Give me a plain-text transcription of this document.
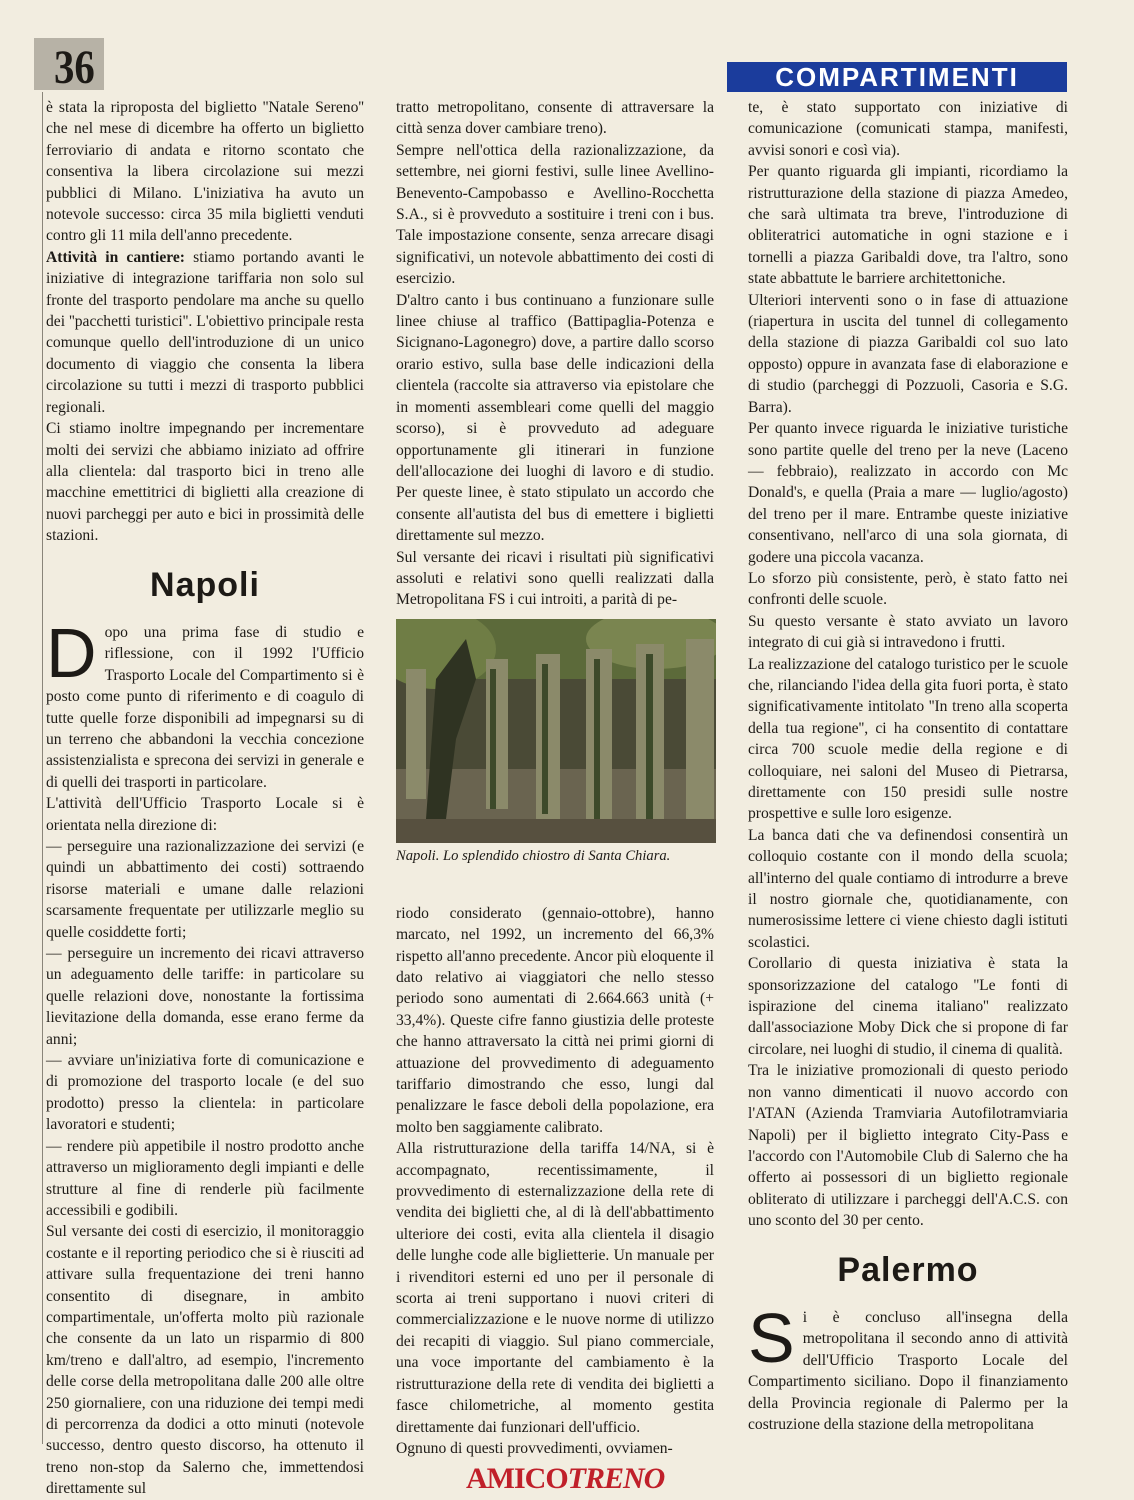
36	COMPARTIMENTI

è stata la riproposta del biglietto ''Natale Sereno'' che nel mese di dicembre ha offerto un biglietto ferroviario di andata e ritorno scontato che consentiva la libera circolazione sui mezzi pubblici di Milano. L'iniziativa ha avuto un notevole successo: circa 35 mila biglietti venduti contro gli 11 mila dell'anno precedente.

Attività in cantiere: stiamo portando avanti le iniziative di integrazione tariffaria non solo sul fronte del trasporto pendolare ma anche su quello dei ''pacchetti turistici''. L'obiettivo principale resta comunque quello dell'introduzione di un unico documento di viaggio che consenta la libera circolazione su tutti i mezzi di trasporto pubblici regionali.

Ci stiamo inoltre impegnando per incrementare molti dei servizi che abbiamo iniziato ad offrire alla clientela: dal trasporto bici in treno alle macchine emettitrici di biglietti alla creazione di nuovi parcheggi per auto e bici in prossimità delle stazioni.

Napoli

Dopo una prima fase di studio e riflessione, con il 1992 l'Ufficio Trasporto Locale del Compartimento si è posto come punto di riferimento e di coagulo di tutte quelle forze disponibili ad impegnarsi su di un terreno che abbandoni la vecchia concezione assistenzialista e sprecona dei servizi in generale e di quelli dei trasporti in particolare.

L'attività dell'Ufficio Trasporto Locale si è orientata nella direzione di:

— perseguire una razionalizzazione dei servizi (e quindi un abbattimento dei costi) sottraendo risorse materiali e umane dalle relazioni scarsamente frequentate per utilizzarle meglio su quelle cosiddette forti;

— perseguire un incremento dei ricavi attraverso un adeguamento delle tariffe: in particolare su quelle relazioni dove, nonostante la fortissima lievitazione della domanda, esse erano ferme da anni;

— avviare un'iniziativa forte di comunicazione e di promozione del trasporto locale (e del suo prodotto) presso la clientela: in particolare lavoratori e studenti;

— rendere più appetibile il nostro prodotto anche attraverso un miglioramento degli impianti e delle strutture al fine di renderle più facilmente accessibili e godibili.

Sul versante dei costi di esercizio, il monitoraggio costante e il reporting periodico che si è riusciti ad attivare sulla frequentazione dei treni hanno consentito di disegnare, in ambito compartimentale, un'offerta molto più razionale che consente da un lato un risparmio di 800 km/treno e dall'altro, ad esempio, l'incremento delle corse della metropolitana dalle 200 alle oltre 250 giornaliere, con una riduzione dei tempi medi di percorrenza da dodici a otto minuti (notevole successo, dentro questo discorso, ha ottenuto il treno non-stop da Salerno che, immettendosi direttamente sul

tratto metropolitano, consente di attraversare la città senza dover cambiare treno).

Sempre nell'ottica della razionalizzazione, da settembre, nei giorni festivi, sulle linee Avellino-Benevento-Campobasso e Avellino-Rocchetta S.A., si è provveduto a sostituire i treni con i bus. Tale impostazione consente, senza arrecare disagi significativi, un notevole abbattimento dei costi di esercizio.

D'altro canto i bus continuano a funzionare sulle linee chiuse al traffico (Battipaglia-Potenza e Sicignano-Lagonegro) dove, a partire dallo scorso orario estivo, sulla base delle indicazioni della clientela (raccolte sia attraverso via epistolare che in momenti assembleari come quelli del maggio scorso), si è provveduto ad adeguare opportunamente gli itinerari in funzione dell'allocazione dei luoghi di lavoro e di studio. Per queste linee, è stato stipulato un accordo che consente all'autista del bus di emettere i biglietti direttamente sul mezzo.

Sul versante dei ricavi i risultati più significativi assoluti e relativi sono quelli realizzati dalla Metropolitana FS i cui introiti, a parità di pe-

riodo considerato (gennaio-ottobre), hanno marcato, nel 1992, un incremento del 66,3% rispetto all'anno precedente. Ancor più eloquente il dato relativo ai viaggiatori che nello stesso periodo sono aumentati di 2.664.663 unità (+ 33,4%). Queste cifre fanno giustizia delle proteste che hanno attraversato la città nei primi giorni di attuazione del provvedimento di adeguamento tariffario dimostrando che esso, lungi dal penalizzare le fasce deboli della popolazione, era molto ben saggiamente calibrato.

Alla ristrutturazione della tariffa 14/NA, si è accompagnato, recentissimamente, il provvedimento di esternalizzazione della rete di vendita dei biglietti che, al di là dell'abbattimento ulteriore dei costi, evita alla clientela il disagio delle lunghe code alle biglietterie. Un manuale per i rivenditori esterni ed uno per il personale di scorta ai treni supportano i nuovi criteri di commercializzazione e le nuove norme di utilizzo dei recapiti di viaggio. Sul piano commerciale, una voce importante del cambiamento è la ristrutturazione della rete di vendita dei biglietti a fasce chilometriche, al momento gestita direttamente dai funzionari dell'ufficio.

Ognuno di questi provvedimenti, ovviamen-

Napoli. Lo splendido chiostro di Santa Chiara.

te, è stato supportato con iniziative di comunicazione (comunicati stampa, manifesti, avvisi sonori e così via).

Per quanto riguarda gli impianti, ricordiamo la ristrutturazione della stazione di piazza Amedeo, che sarà ultimata tra breve, l'introduzione di obliteratrici automatiche in ogni stazione e i tornelli a piazza Garibaldi dove, tra l'altro, sono state abbattute le barriere architettoniche.

Ulteriori interventi sono o in fase di attuazione (riapertura in uscita del tunnel di collegamento della stazione di piazza Garibaldi col suo lato opposto) oppure in avanzata fase di elaborazione e di studio (parcheggi di Pozzuoli, Casoria e S.G. Barra).

Per quanto invece riguarda le iniziative turistiche sono partite quelle del treno per la neve (Laceno — febbraio), realizzato in accordo con Mc Donald's, e quella (Praia a mare — luglio/agosto) del treno per il mare. Entrambe queste iniziative consentivano, nell'arco di una sola giornata, di godere una piccola vacanza.

Lo sforzo più consistente, però, è stato fatto nei confronti delle scuole.

Su questo versante è stato avviato un lavoro integrato di cui già si intravedono i frutti.

La realizzazione del catalogo turistico per le scuole che, rilanciando l'idea della gita fuori porta, è stato significativamente intitolato ''In treno alla scoperta della tua regione'', ci ha consentito di contattare circa 700 scuole medie della regione e di colloquiare, nei saloni del Museo di Pietrarsa, direttamente con 150 presidi sulle nostre prospettive e sulle loro esigenze.

La banca dati che va definendosi consentirà un colloquio costante con il mondo della scuola; all'interno del quale contiamo di introdurre a breve il nostro giornale che, quotidianamente, con numerosissime lettere ci viene chiesto dagli istituti scolastici.

Corollario di questa iniziativa è stata la sponsorizzazione del catalogo ''Le fonti di ispirazione del cinema italiano'' realizzato dall'associazione Moby Dick che si propone di far circolare, nei luoghi di studio, il cinema di qualità.

Tra le iniziative promozionali di questo periodo non vanno dimenticati il nuovo accordo con l'ATAN (Azienda Tramviaria Autofilotramviaria Napoli) per il biglietto integrato City-Pass e l'accordo con l'Automobile Club di Salerno che ha offerto ai possessori di un biglietto regionale obliterato di utilizzare i parcheggi dell'A.C.S. con uno sconto del 30 per cento.

Palermo

Si è concluso all'insegna della metropolitana il secondo anno di attività dell'Ufficio Trasporto Locale del Compartimento siciliano. Dopo il finanziamento della Provincia regionale di Palermo per la costruzione della stazione della metropolitana

AMICOTRENO
